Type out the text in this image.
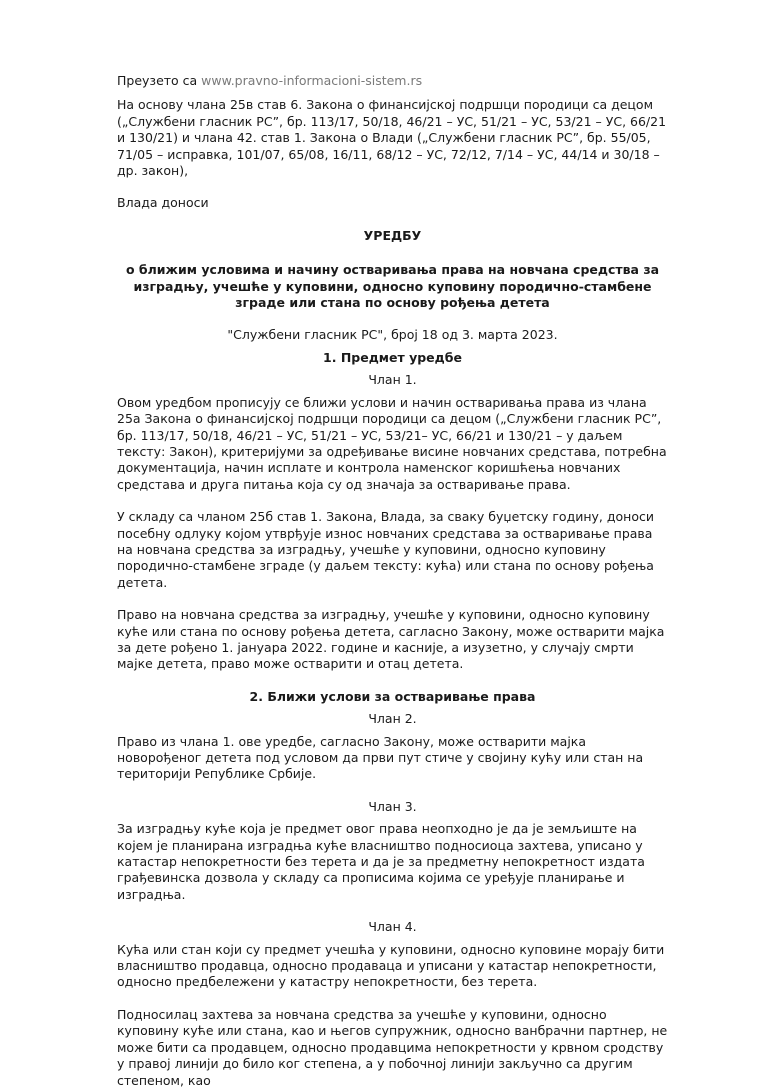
Преузето са www.pravno-informacioni-sistem.rs

На основу члана 25в став 6. Закона о финансијској подршци породици са децом („Службени гласник РС”, бр. 113/17, 50/18, 46/21 – УС, 51/21 – УС, 53/21 – УС, 66/21 и 130/21) и члана 42. став 1. Закона о Влади („Службени гласник РС”, бр. 55/05, 71/05 – исправка, 101/07, 65/08, 16/11, 68/12 – УС, 72/12, 7/14 – УС, 44/14 и 30/18 – др. закон),

Влада доноси

УРЕДБУ

о ближим условима и начину остваривања права на новчана средства за изградњу, учешће у куповини, односно куповину породично-стамбене зграде или стана по основу рођења детета

"Службени гласник РС", број 18 од 3. марта 2023.

1. Предмет уредбе

Члан 1.

Овом уредбом прописују се ближи услови и начин остваривања права из члана 25а Закона о финансијској подршци породици са децом („Службени гласник РС”, бр. 113/17, 50/18, 46/21 – УС, 51/21 – УС, 53/21– УС, 66/21 и 130/21 – у даљем тексту: Закон), критеријуми за одређивање висине новчаних средстава, потребна документација, начин исплате и контрола наменског коришћења новчаних средстава и друга питања која су од значаја за остваривање права.

У складу са чланом 25б став 1. Закона, Влада, за сваку буџетску годину, доноси посебну одлуку којом утврђује износ новчаних средстава за остваривање права на новчана средства за изградњу, учешће у куповини, односно куповину породично-стамбене зграде (у даљем тексту: кућа) или стана по основу рођења детета.

Право на новчана средства за изградњу, учешће у куповини, односно куповину куће или стана по основу рођења детета, сагласно Закону, може остварити мајка за дете рођено 1. јануара 2022. године и касније, а изузетно, у случају смрти мајке детета, право може остварити и отац детета.

2. Ближи услови за остваривање права

Члан 2.

Право из члана 1. ове уредбе, сагласно Закону, може остварити мајка новорођеног детета под условом да први пут стиче у својину кућу или стан на територији Републике Србије.

Члан 3.

За изградњу куће која је предмет овог права неопходно је да је земљиште на којем је планирана изградња куће власништво подносиоца захтева, уписано у катастар непокретности без терета и да је за предметну непокретност издата грађевинска дозвола у складу са прописима којима се уређује планирање и изградња.

Члан 4.

Кућа или стан који су предмет учешћа у куповини, односно куповине морају бити власништво продавца, односно продаваца и уписани у катастар непокретности, односно предбележени у катастру непокретности, без терета.

Подносилац захтева за новчана средства за учешће у куповини, односно куповину куће или стана, као и његов супружник, односно ванбрачни партнер, не може бити са продавцем, односно продавцима непокретности у крвном сродству у правој линији до било ког степена, а у побочној линији закључно са другим степеном, као
